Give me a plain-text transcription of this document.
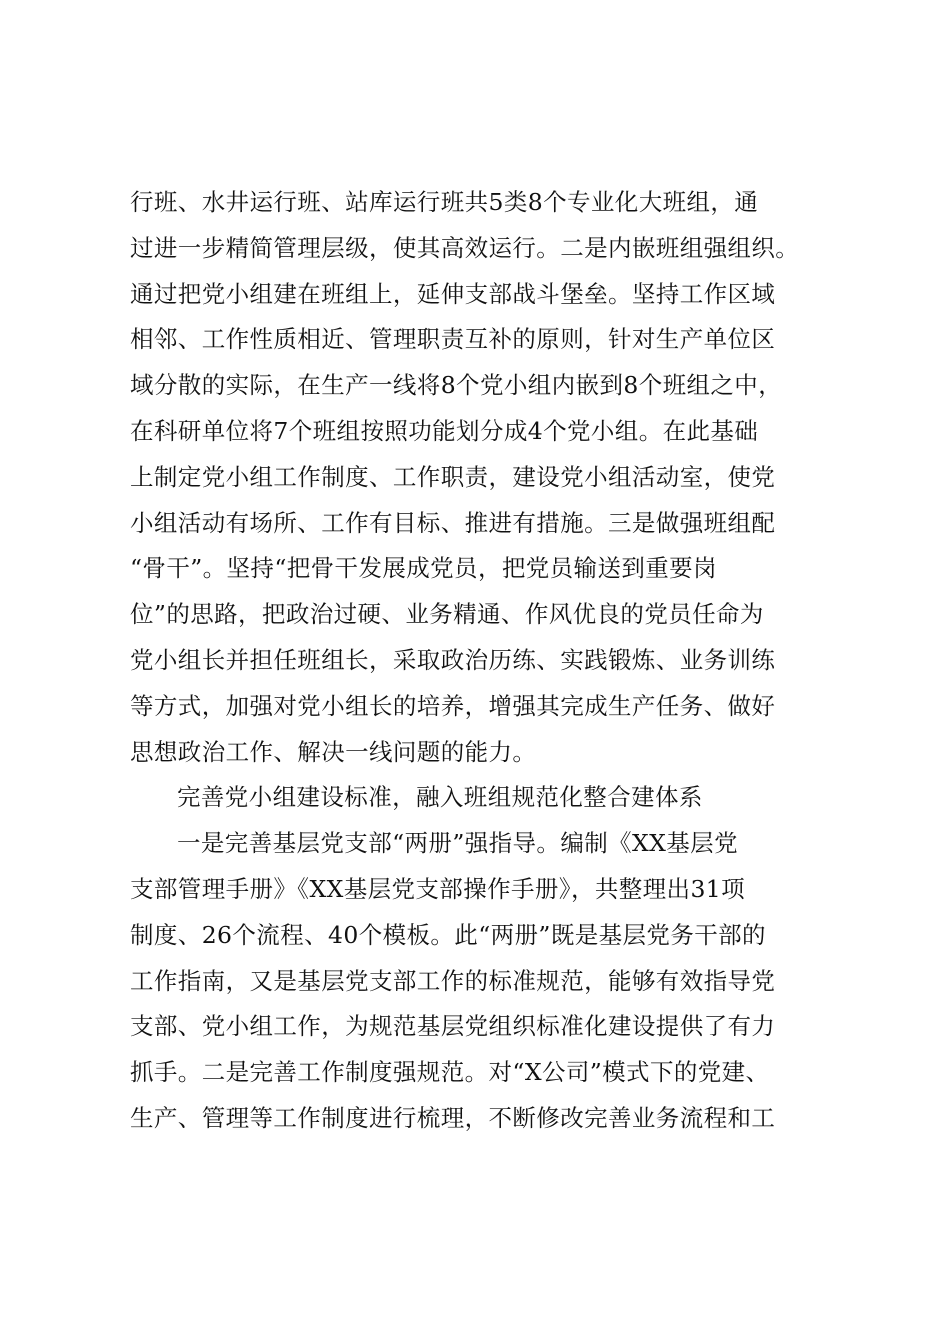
行班、水井运行班、站库运行班共5类8个专业化大班组，通
过进一步精简管理层级，使其高效运行。二是内嵌班组强组织。
通过把党小组建在班组上，延伸支部战斗堡垒。坚持工作区域
相邻、工作性质相近、管理职责互补的原则，针对生产单位区
域分散的实际，在生产一线将8个党小组内嵌到8个班组之中，
在科研单位将7个班组按照功能划分成4个党小组。在此基础
上制定党小组工作制度、工作职责，建设党小组活动室，使党
小组活动有场所、工作有目标、推进有措施。三是做强班组配
“骨干”。坚持“把骨干发展成党员，把党员输送到重要岗
位”的思路，把政治过硬、业务精通、作风优良的党员任命为
党小组长并担任班组长，采取政治历练、实践锻炼、业务训练
等方式，加强对党小组长的培养，增强其完成生产任务、做好
思想政治工作、解决一线问题的能力。
完善党小组建设标准，融入班组规范化整合建体系
一是完善基层党支部“两册”强指导。编制《XX基层党
支部管理手册》《XX基层党支部操作手册》，共整理出31项
制度、26个流程、40个模板。此“两册”既是基层党务干部的
工作指南，又是基层党支部工作的标准规范，能够有效指导党
支部、党小组工作，为规范基层党组织标准化建设提供了有力
抓手。二是完善工作制度强规范。对“X公司”模式下的党建、
生产、管理等工作制度进行梳理，不断修改完善业务流程和工
